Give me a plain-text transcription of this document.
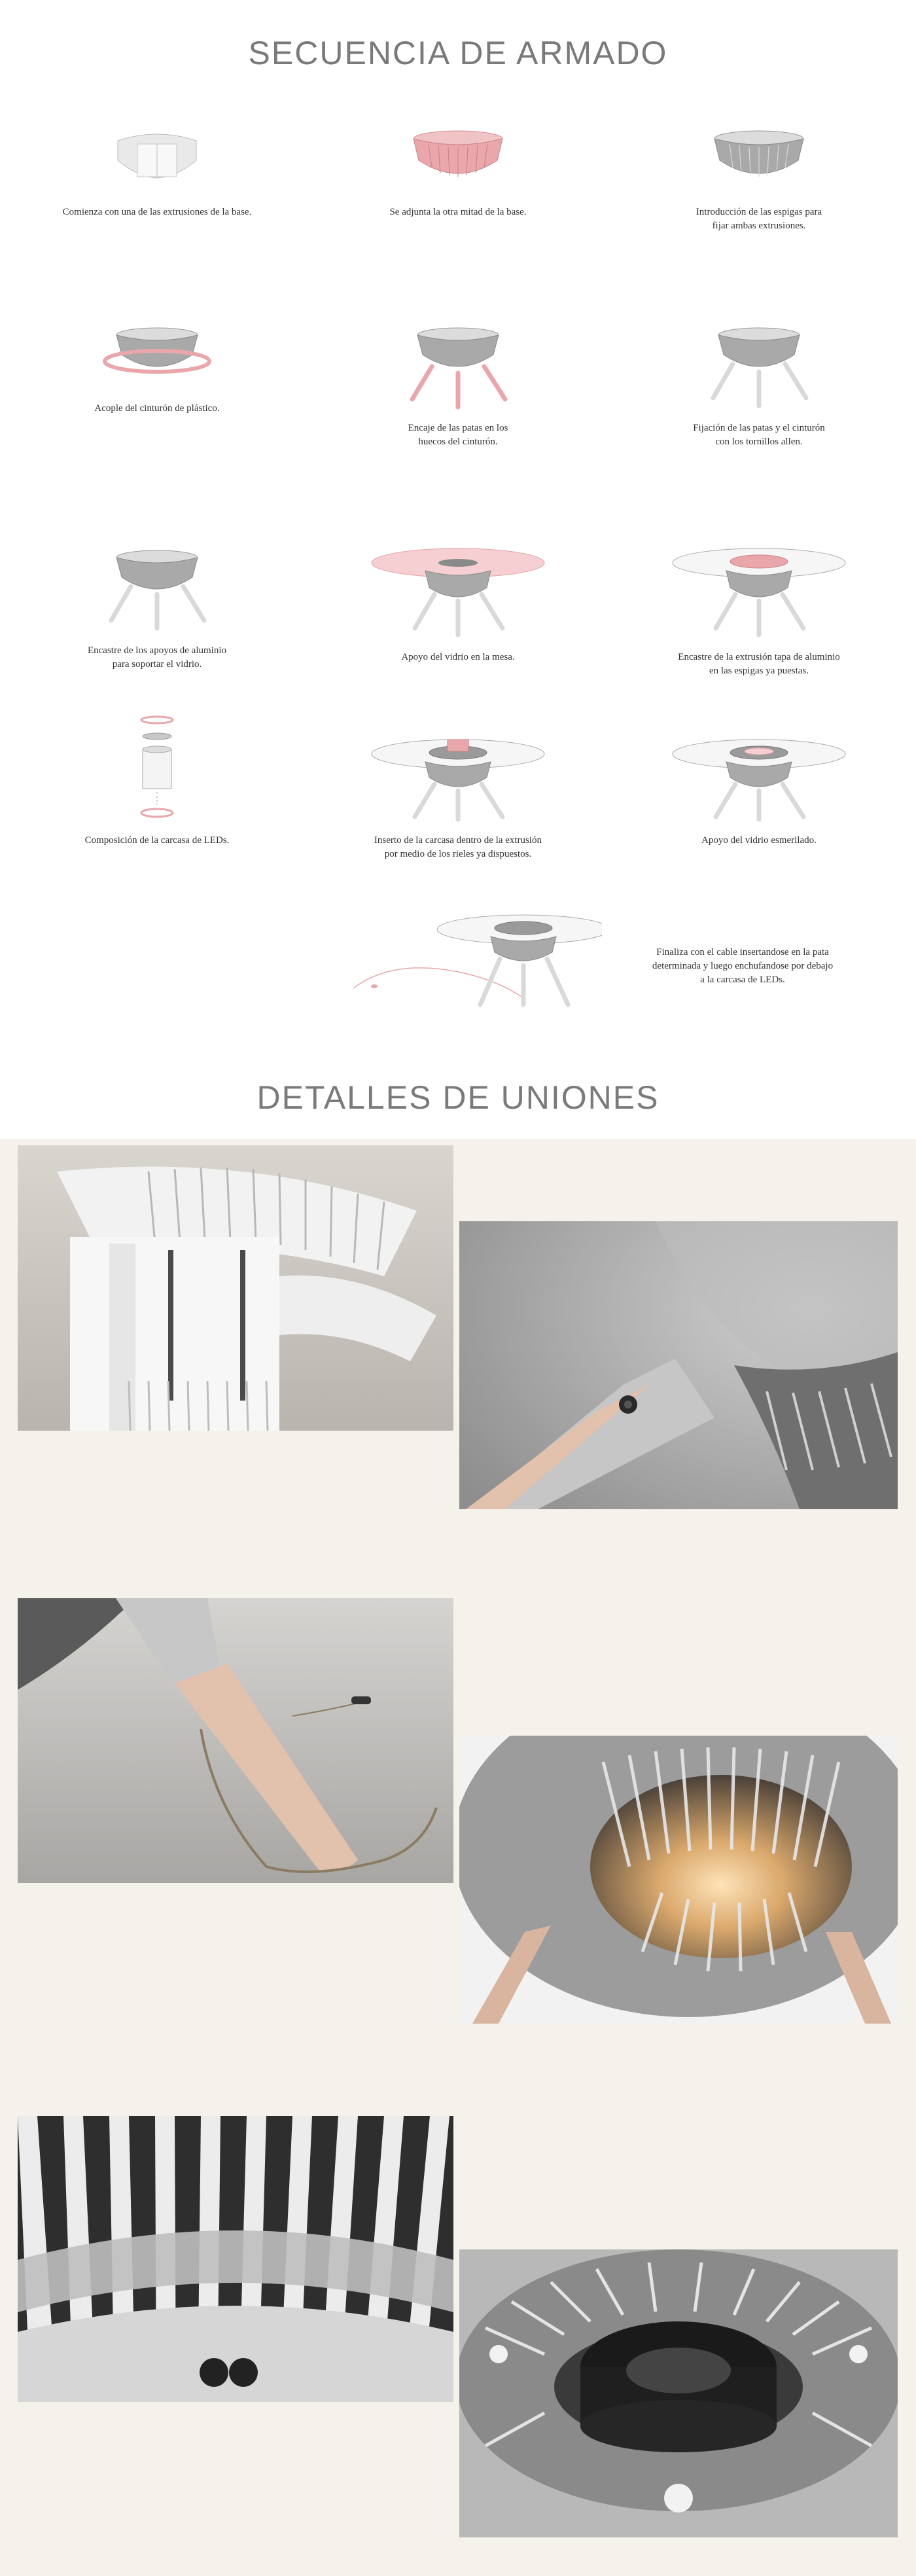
SECUENCIA DE ARMADO
Comienza con una de las extrusiones de la base.	Se adjunta la otra mitad de la base.	Introducción de las espigas para
fijar ambas extrusiones.
Acople del cinturón de plástico.
Encaje de las patas en los
huecos del cinturón.
Fijación de las patas y el cinturón
con los tornillos allen.
Encastre de los apoyos de aluminio
para soportar el vidrio.
Apoyo del vidrio en la mesa.	Encastre de la extrusión tapa de aluminio
en las espigas ya puestas.
Composición de la carcasa de LEDs.	Inserto de la carcasa dentro de la extrusión
por medio de los rieles ya dispuestos.
Apoyo del vidrio esmerilado.
Finaliza con el cable insertandose en la pata
determinada y luego enchufandose por debajo
a la carcasa de LEDs.
DETALLES DE UNIONES
